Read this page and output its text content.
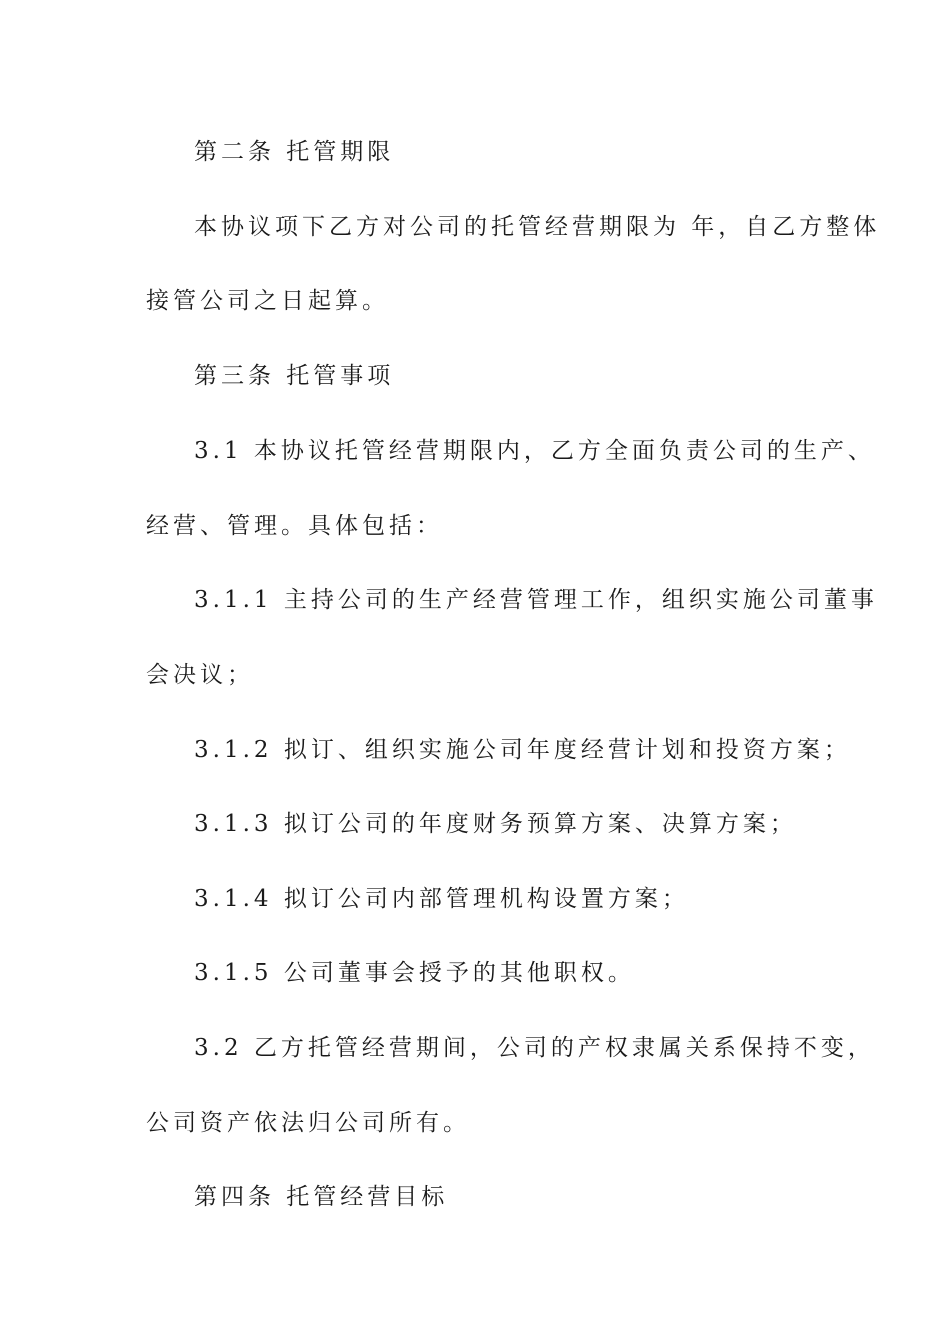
第二条 托管期限

本协议项下乙方对公司的托管经营期限为 年，自乙方整体

接管公司之日起算。

第三条 托管事项

3.1 本协议托管经营期限内，乙方全面负责公司的生产、

经营、管理。具体包括：

3.1.1 主持公司的生产经营管理工作，组织实施公司董事

会决议；

3.1.2 拟订、组织实施公司年度经营计划和投资方案；

3.1.3 拟订公司的年度财务预算方案、决算方案；

3.1.4 拟订公司内部管理机构设置方案；

3.1.5 公司董事会授予的其他职权。

3.2 乙方托管经营期间，公司的产权隶属关系保持不变，

公司资产依法归公司所有。

第四条 托管经营目标
